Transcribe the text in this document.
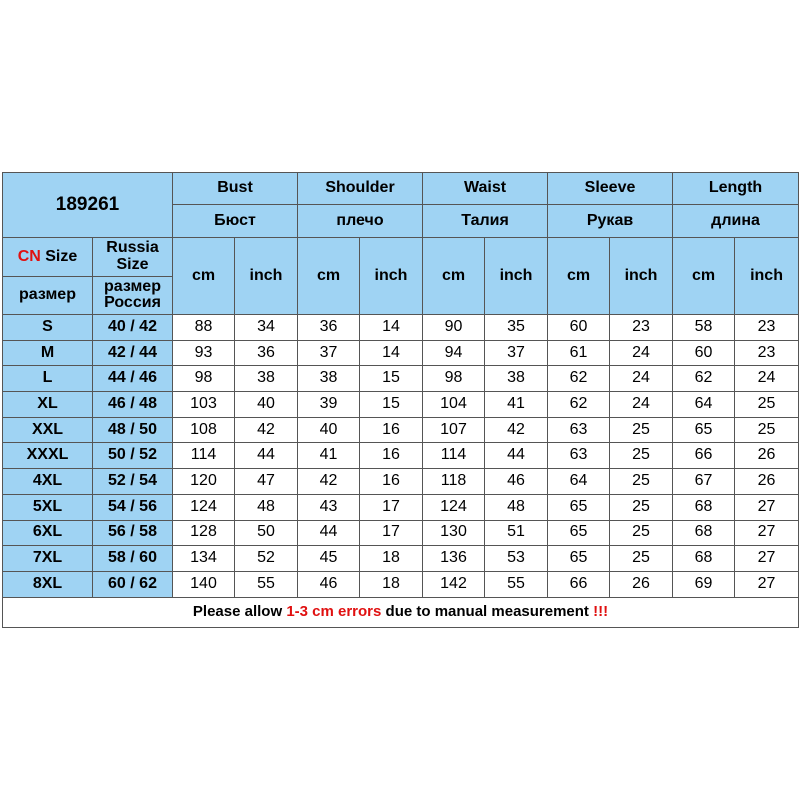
189261		Bust		Shoulder		Waist		Sleeve		Length	
		Бюст		плечо		Талия		Рукав		длина	
CN Size	Russia Size	cm	inch	cm	inch	cm	inch	cm	inch	cm	inch
размер	размер Россия										
S	40 / 42	88	34	36	14	90	35	60	23	58	23
M	42 / 44	93	36	37	14	94	37	61	24	60	23
L	44 / 46	98	38	38	15	98	38	62	24	62	24
XL	46 / 48	103	40	39	15	104	41	62	24	64	25
XXL	48 / 50	108	42	40	16	107	42	63	25	65	25
XXXL	50 / 52	114	44	41	16	114	44	63	25	66	26
4XL	52 / 54	120	47	42	16	118	46	64	25	67	26
5XL	54 / 56	124	48	43	17	124	48	65	25	68	27
6XL	56 / 58	128	50	44	17	130	51	65	25	68	27
7XL	58 / 60	134	52	45	18	136	53	65	25	68	27
8XL	60 / 62	140	55	46	18	142	55	66	26	69	27
Please allow 1-3 cm errors due to manual measurement !!!											
